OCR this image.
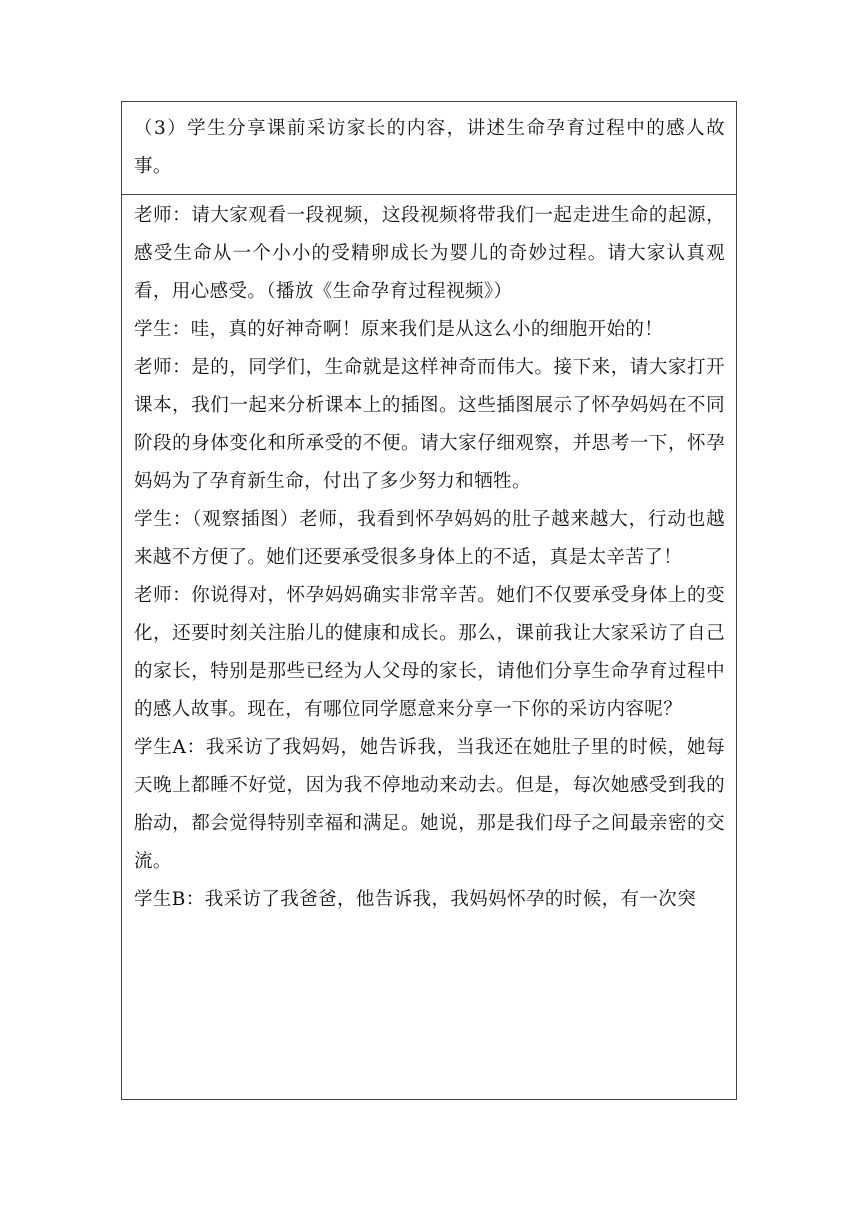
（3）学生分享课前采访家长的内容，讲述生命孕育过程中的感人故事。

老师：请大家观看一段视频，这段视频将带我们一起走进生命的起源，感受生命从一个小小的受精卵成长为婴儿的奇妙过程。请大家认真观看，用心感受。（播放《生命孕育过程视频》）

学生：哇，真的好神奇啊！原来我们是从这么小的细胞开始的！

老师：是的，同学们，生命就是这样神奇而伟大。接下来，请大家打开课本，我们一起来分析课本上的插图。这些插图展示了怀孕妈妈在不同阶段的身体变化和所承受的不便。请大家仔细观察，并思考一下，怀孕妈妈为了孕育新生命，付出了多少努力和牺牲。

学生：（观察插图）老师，我看到怀孕妈妈的肚子越来越大，行动也越来越不方便了。她们还要承受很多身体上的不适，真是太辛苦了！

老师：你说得对，怀孕妈妈确实非常辛苦。她们不仅要承受身体上的变化，还要时刻关注胎儿的健康和成长。那么，课前我让大家采访了自己的家长，特别是那些已经为人父母的家长，请他们分享生命孕育过程中的感人故事。现在，有哪位同学愿意来分享一下你的采访内容呢？

学生A：我采访了我妈妈，她告诉我，当我还在她肚子里的时候，她每天晚上都睡不好觉，因为我不停地动来动去。但是，每次她感受到我的胎动，都会觉得特别幸福和满足。她说，那是我们母子之间最亲密的交流。

学生B：我采访了我爸爸，他告诉我，我妈妈怀孕的时候，有一次突
